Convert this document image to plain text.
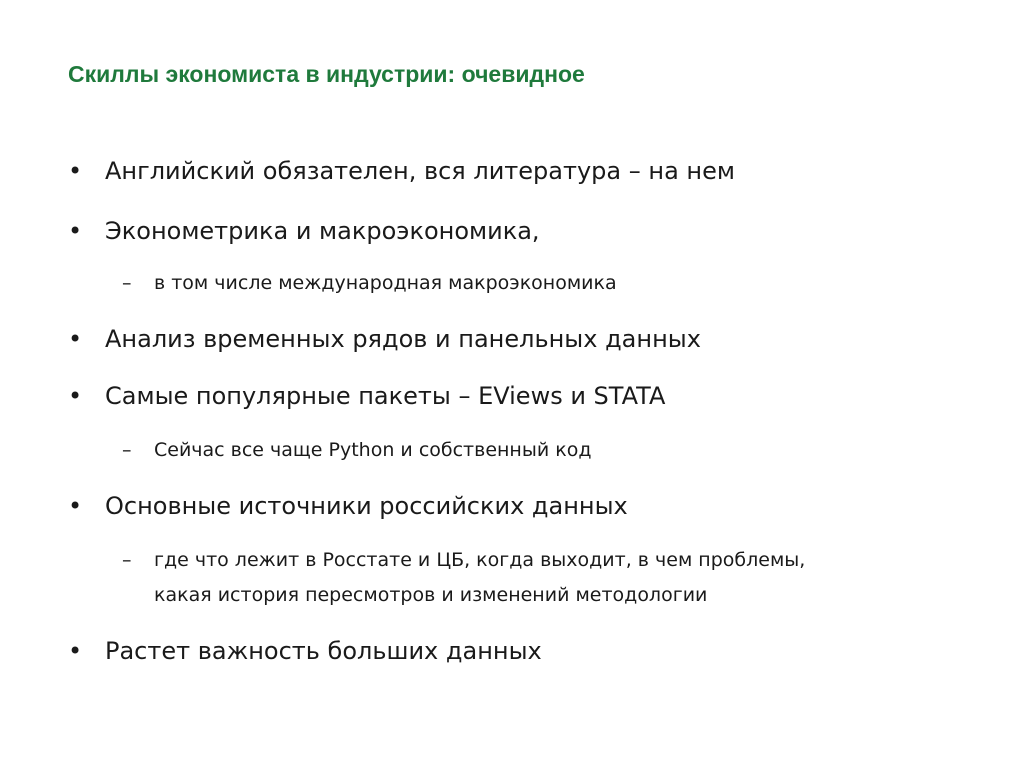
Скиллы экономиста в индустрии: очевидное
• Английский обязателен, вся литература – на нем
• Эконометрика и макроэкономика,
– в том числе международная макроэкономика
• Анализ временных рядов и панельных данных
• Самые популярные пакеты – EViews и STATA
– Сейчас все чаще Python и собственный код
• Основные источники российских данных
– где что лежит в Росстате и ЦБ, когда выходит, в чем проблемы,
какая история пересмотров и изменений методологии
• Растет важность больших данных
